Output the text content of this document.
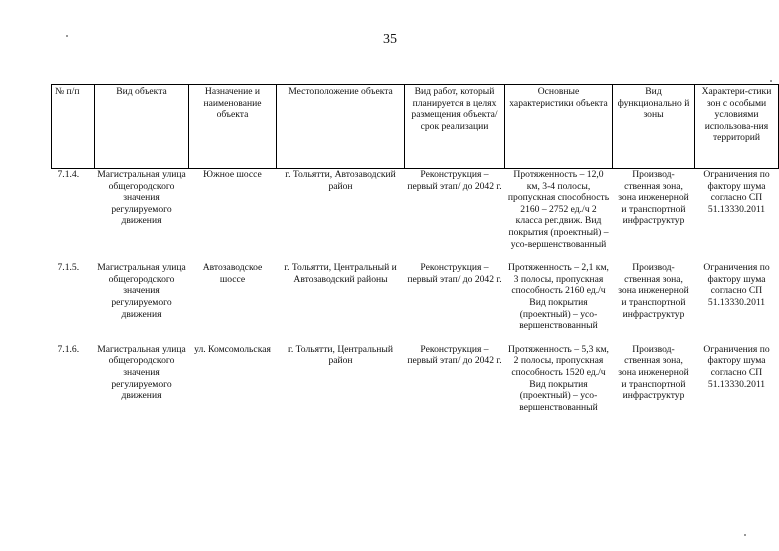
35
№ п/п	Вид объекта	Назначение и наименование объекта	Местоположение объекта	Вид работ, который планируется в целях размещения объекта/срок реализации	Основные характеристики объекта	Вид функционально й зоны	Характери-стики зон с особыми условиями использова-ния территорий
7.1.4.	Магистральная улица общегородского значения регулируемого движения	Южное шоссе	г. Тольятти, Автозаводский район	Реконструкция – первый этап/ до 2042 г.	Протяженность – 12,0 км, 3-4 полосы, пропускная способность 2160 – 2752 ед./ч 2 класса рег.движ. Вид покрытия (проектный) – усо-вершенствованный	Производ-ственная зона, зона инженерной и транспортной инфраструктур	Ограничения по фактору шума согласно СП 51.13330.2011

7.1.5.	Магистральная улица общегородского значения регулируемого движения	Автозаводское шоссе	г. Тольятти, Центральный и Автозаводский районы	Реконструкция – первый этап/ до 2042 г.	Протяженность – 2,1 км, 3 полосы, пропускная способность 2160 ед./ч Вид покрытия (проектный) – усо-вершенствованный	Производ-ственная зона, зона инженерной и транспортной инфраструктур	Ограничения по фактору шума согласно СП 51.13330.2011

7.1.6.	Магистральная улица общегородского значения регулируемого движения	ул. Комсомольская	г. Тольятти, Центральный район	Реконструкция – первый этап/ до 2042 г.	Протяженность – 5,3 км, 2 полосы, пропускная способность 1520 ед./ч Вид покрытия (проектный) – усо-вершенствованный	Производ-ственная зона, зона инженерной и транспортной инфраструктур	Ограничения по фактору шума согласно СП 51.13330.2011
